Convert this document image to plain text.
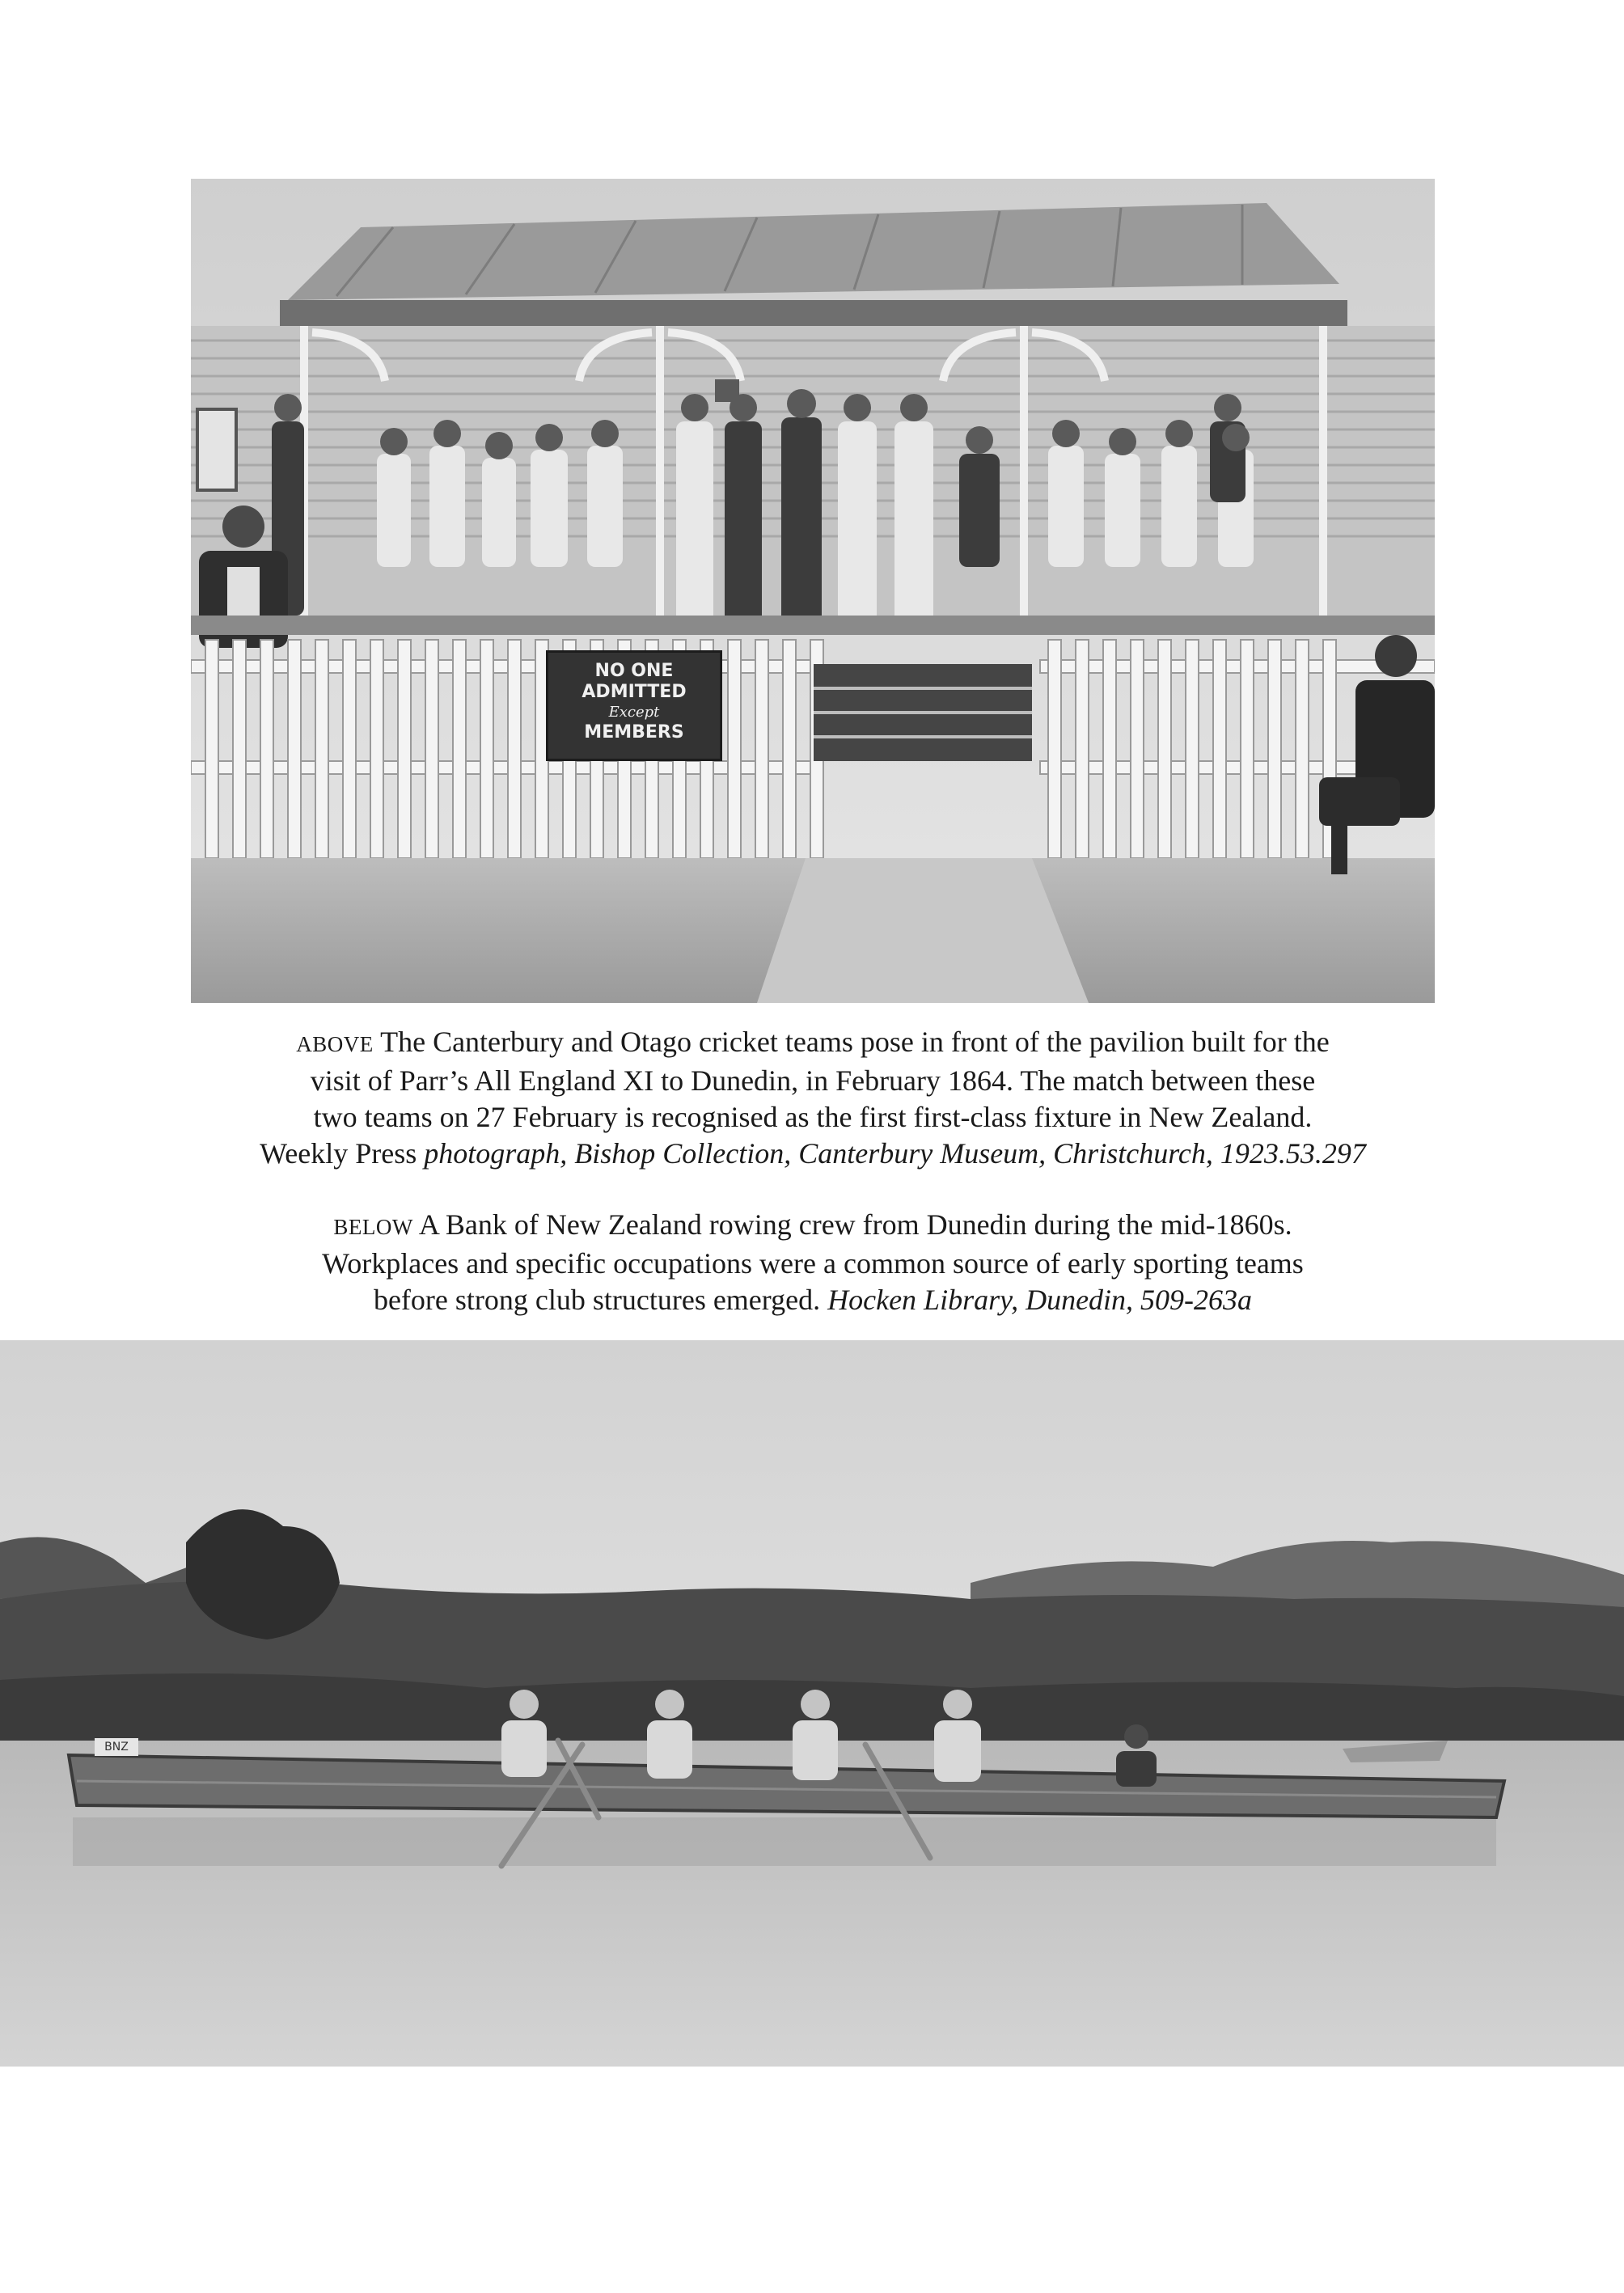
NO ONE
ADMITTED
Except
MEMBERS
ABOVE The Canterbury and Otago cricket teams pose in front of the pavilion built for the
visit of Parr’s All England XI to Dunedin, in February 1864. The match between these
two teams on 27 February is recognised as the first first-class fixture in New Zealand.
Weekly Press photograph, Bishop Collection, Canterbury Museum, Christchurch, 1923.53.297
BELOW A Bank of New Zealand rowing crew from Dunedin during the mid-1860s.
Workplaces and specific occupations were a common source of early sporting teams
before strong club structures emerged. Hocken Library, Dunedin, 509-263a
BNZ
